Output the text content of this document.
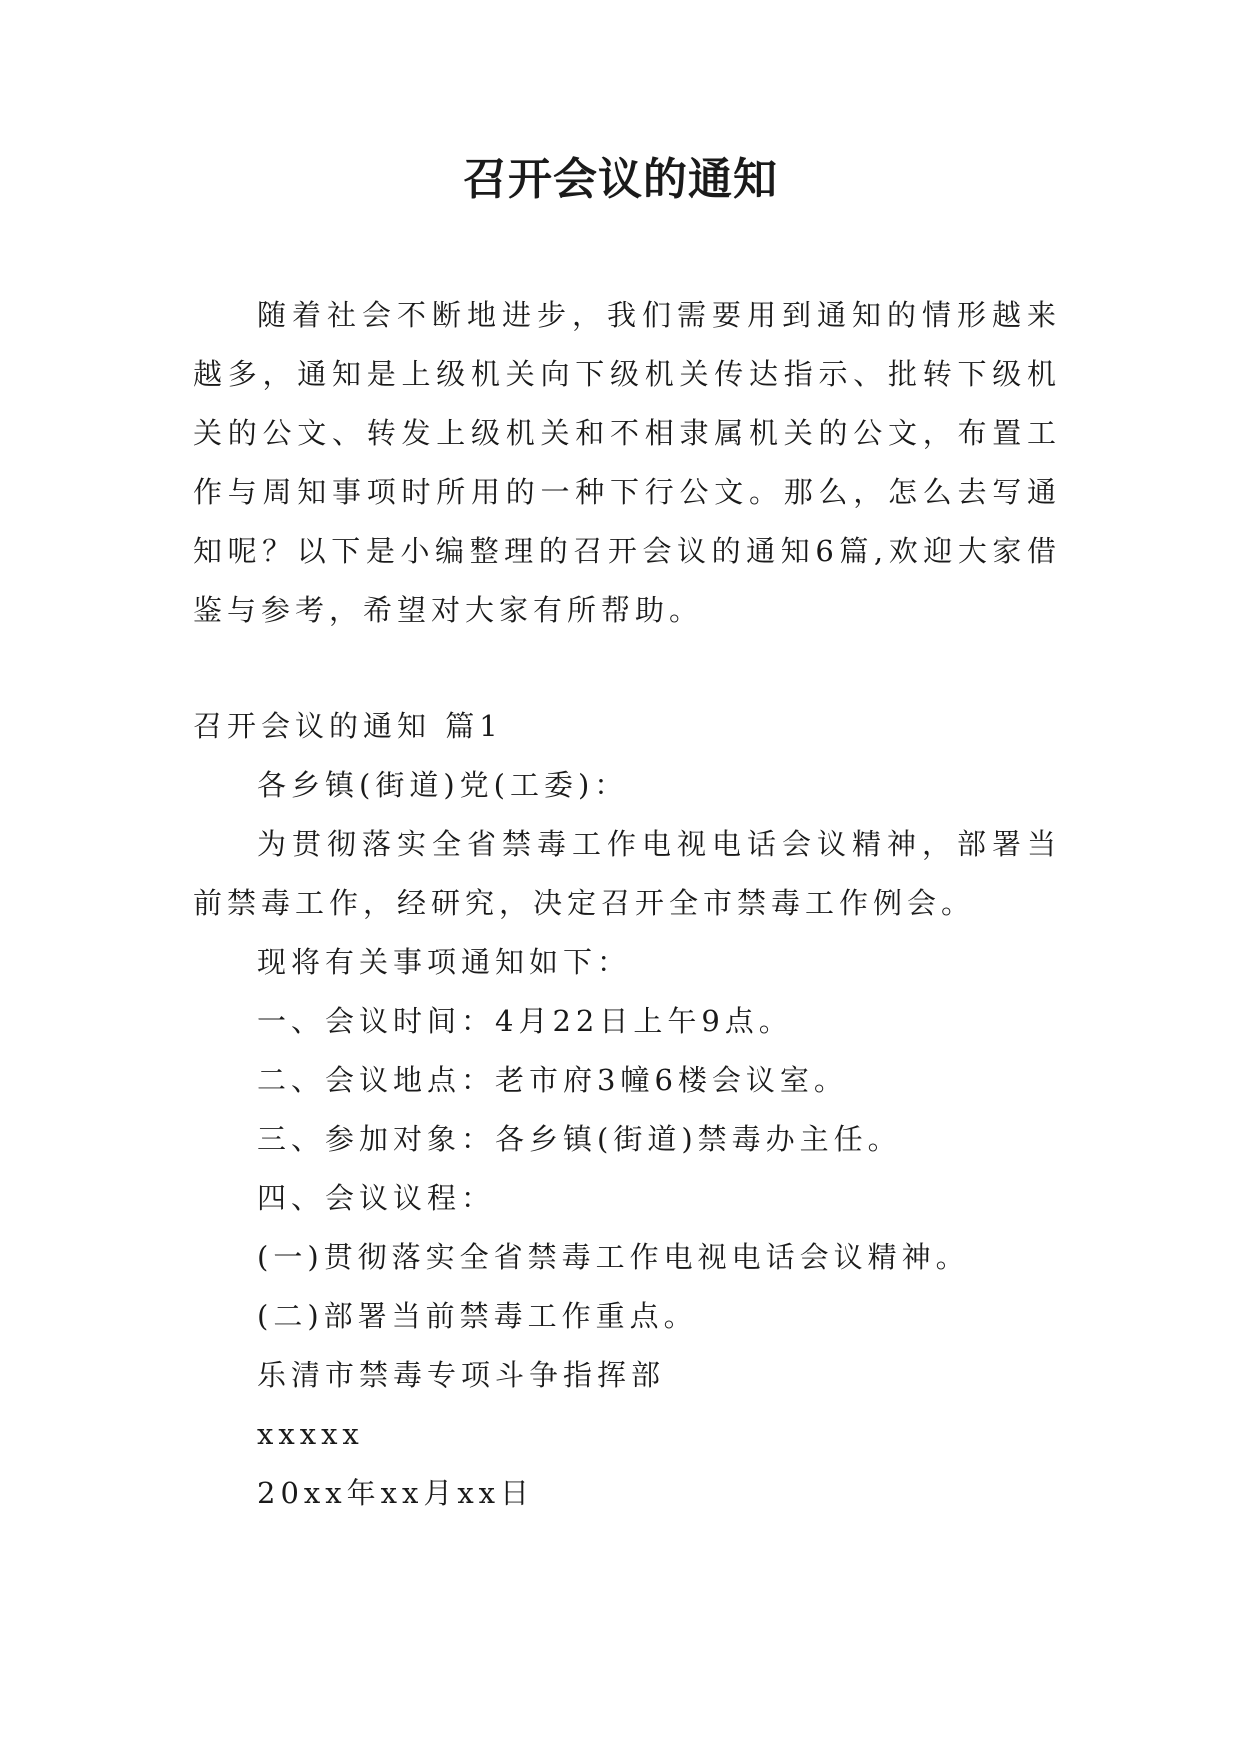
召开会议的通知

随着社会不断地进步，我们需要用到通知的情形越来越多，通知是上级机关向下级机关传达指示、批转下级机关的公文、转发上级机关和不相隶属机关的公文，布置工作与周知事项时所用的一种下行公文。那么，怎么去写通知呢？以下是小编整理的召开会议的通知6篇,欢迎大家借鉴与参考，希望对大家有所帮助。

召开会议的通知 篇1

各乡镇(街道)党(工委)：

为贯彻落实全省禁毒工作电视电话会议精神，部署当前禁毒工作，经研究，决定召开全市禁毒工作例会。

现将有关事项通知如下：

一、会议时间：4月22日上午9点。

二、会议地点：老市府3幢6楼会议室。

三、参加对象：各乡镇(街道)禁毒办主任。

四、会议议程：

(一)贯彻落实全省禁毒工作电视电话会议精神。

(二)部署当前禁毒工作重点。

乐清市禁毒专项斗争指挥部

xxxxx

20xx年xx月xx日
